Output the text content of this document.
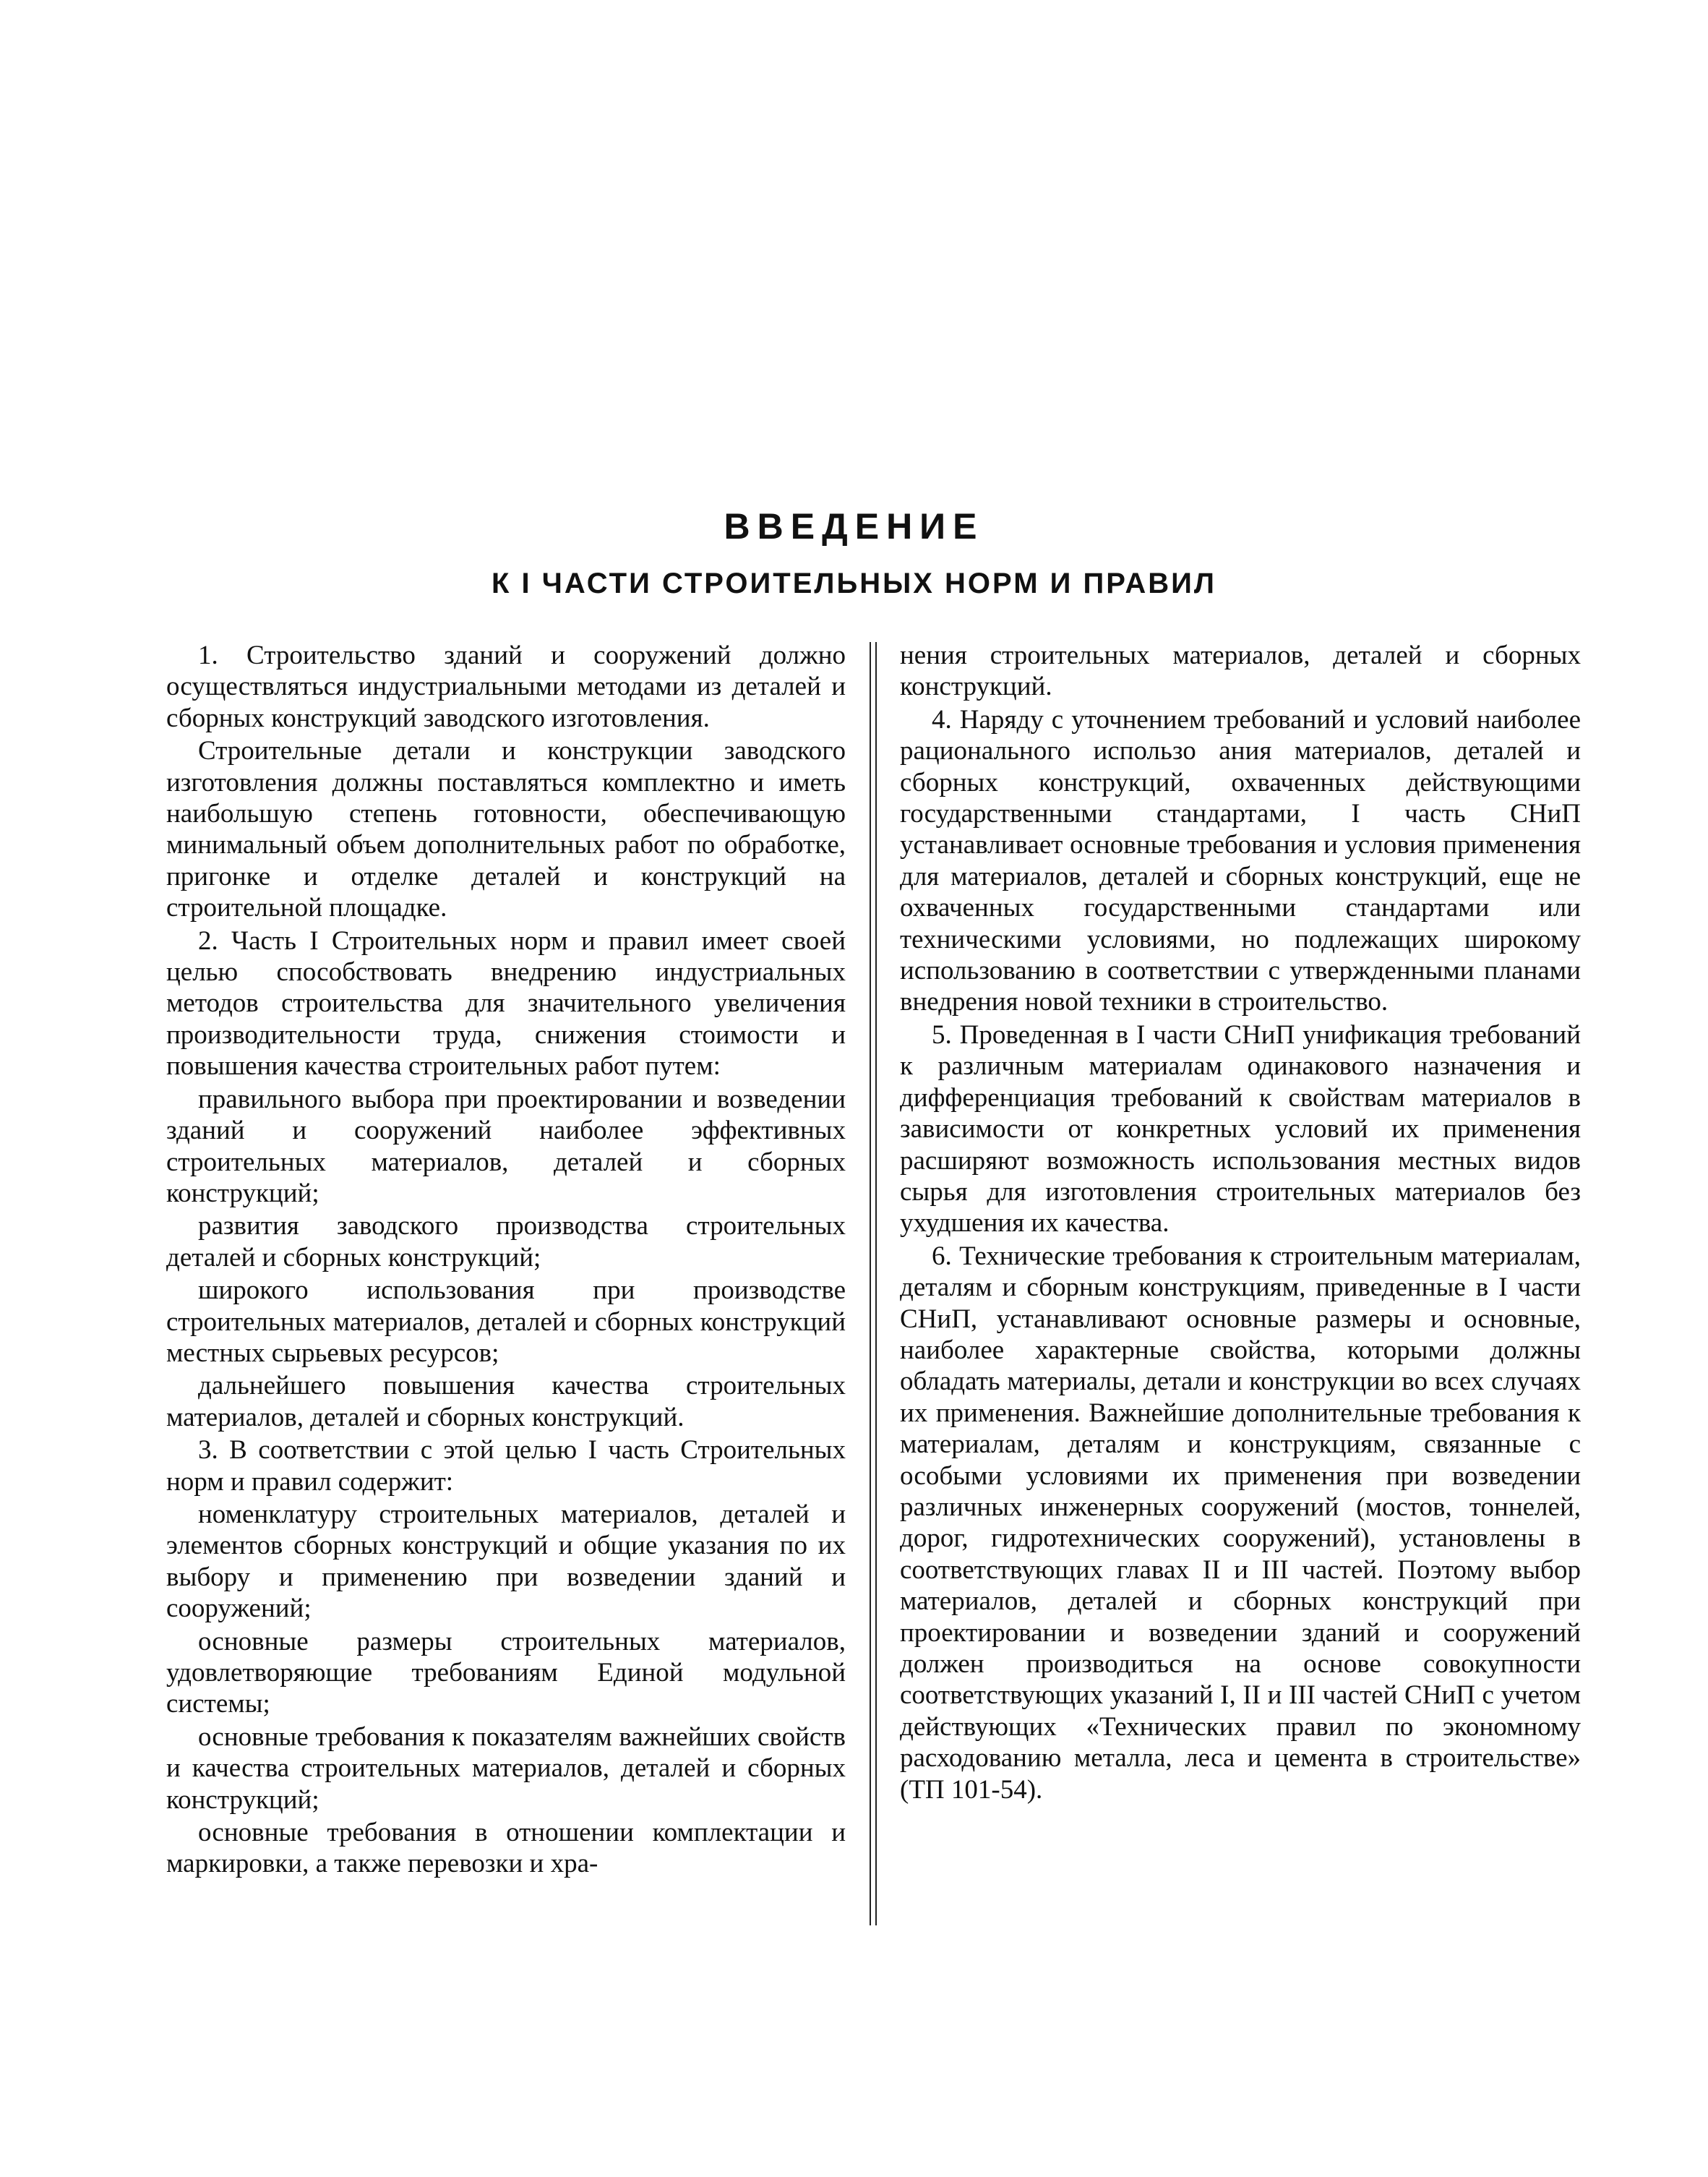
ВВЕДЕНИЕ
К I ЧАСТИ СТРОИТЕЛЬНЫХ НОРМ И ПРАВИЛ

1. Строительство зданий и сооружений должно осуществляться индустриальными методами из деталей и сборных конструкций заводского изготовления.

Строительные детали и конструкции заводского изготовления должны поставляться комплектно и иметь наибольшую степень готовности, обеспечивающую минимальный объем дополнительных работ по обработке, пригонке и отделке деталей и конструкций на строительной площадке.

2. Часть I Строительных норм и правил имеет своей целью способствовать внедрению индустриальных методов строительства для значительного увеличения производительности труда, снижения стоимости и повышения качества строительных работ путем:

правильного выбора при проектировании и возведении зданий и сооружений наиболее эффективных строительных материалов, деталей и сборных конструкций;

развития заводского производства строительных деталей и сборных конструкций;

широкого использования при производстве строительных материалов, деталей и сборных конструкций местных сырьевых ресурсов;

дальнейшего повышения качества строительных материалов, деталей и сборных конструкций.

3. В соответствии с этой целью I часть Строительных норм и правил содержит:

номенклатуру строительных материалов, деталей и элементов сборных конструкций и общие указания по их выбору и применению при возведении зданий и сооружений;

основные размеры строительных материалов, удовлетворяющие требованиям Единой модульной системы;

основные требования к показателям важнейших свойств и качества строительных материалов, деталей и сборных конструкций;

основные требования в отношении комплектации и маркировки, а также перевозки и хра-

нения строительных материалов, деталей и сборных конструкций.

4. Наряду с уточнением требований и условий наиболее рационального использо ания материалов, деталей и сборных конструкций, охваченных действующими государственными стандартами, I часть СНиП устанавливает основные требования и условия применения для материалов, деталей и сборных конструкций, еще не охваченных государственными стандартами или техническими условиями, но подлежащих широкому использованию в соответствии с утвержденными планами внедрения новой техники в строительство.

5. Проведенная в I части СНиП унификация требований к различным материалам одинакового назначения и дифференциация требований к свойствам материалов в зависимости от конкретных условий их применения расширяют возможность использования местных видов сырья для изготовления строительных материалов без ухудшения их качества.

6. Технические требования к строительным материалам, деталям и сборным конструкциям, приведенные в I части СНиП, устанавливают основные размеры и основные, наиболее характерные свойства, которыми должны обладать материалы, детали и конструкции во всех случаях их применения. Важнейшие дополнительные требования к материалам, деталям и конструкциям, связанные с особыми условиями их применения при возведении различных инженерных сооружений (мостов, тоннелей, дорог, гидротехнических сооружений), установлены в соответствующих главах II и III частей. Поэтому выбор материалов, деталей и сборных конструкций при проектировании и возведении зданий и сооружений должен производиться на основе совокупности соответствующих указаний I, II и III частей СНиП с учетом действующих «Технических правил по экономному расходованию металла, леса и цемента в строительстве» (ТП 101-54).
